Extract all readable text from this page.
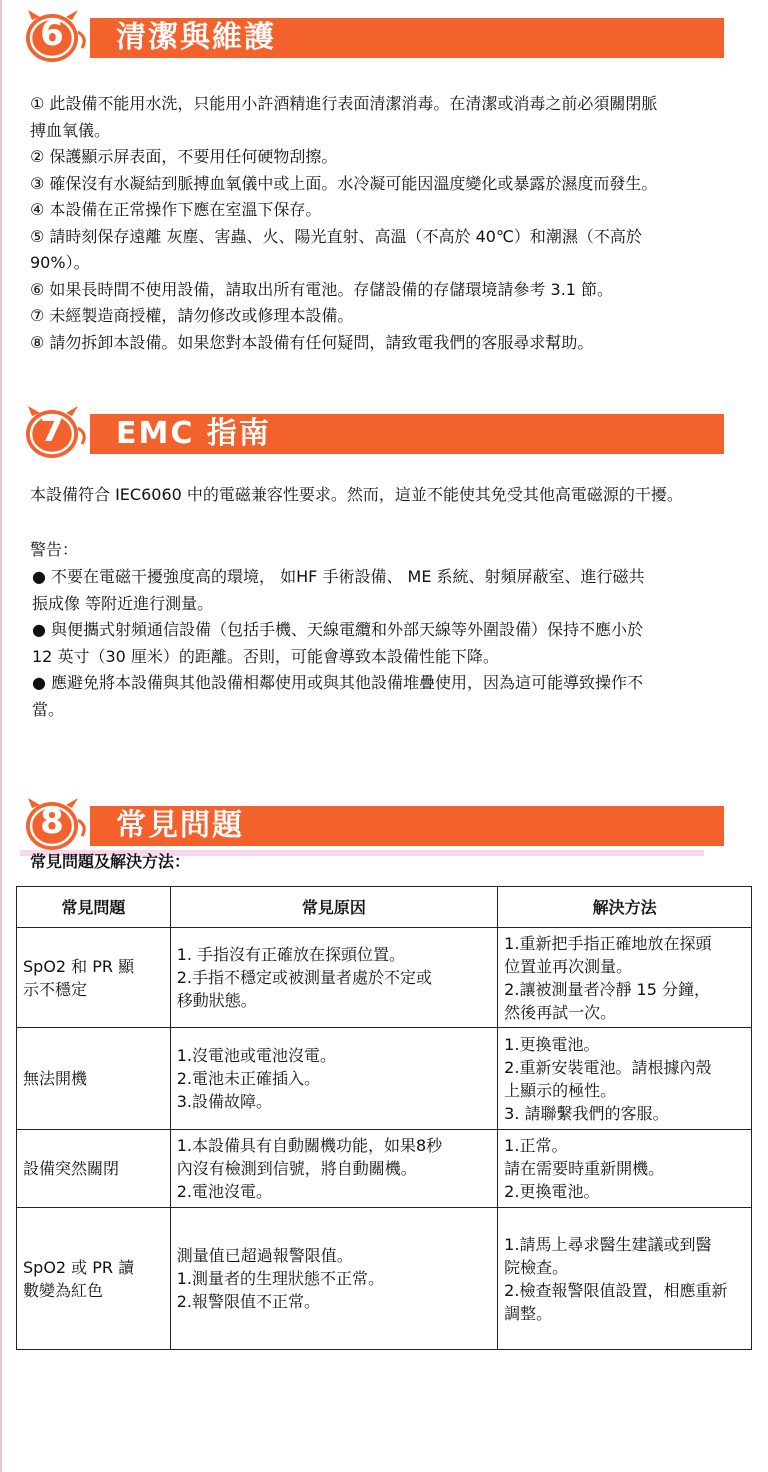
6	清潔與維護

① 此設備不能用水洗，只能用小許酒精進行表面清潔消毒。在清潔或消毒之前必須關閉脈
搏血氧儀。

② 保護顯示屏表面，不要用任何硬物刮擦。

③ 確保沒有水凝結到脈搏血氧儀中或上面。水冷凝可能因溫度變化或暴露於濕度而發生。

④ 本設備在正常操作下應在室溫下保存。

⑤ 請時刻保存遠離 灰塵、害蟲、火、陽光直射、高溫（不高於 40℃）和潮濕（不高於
90%）。

⑥ 如果長時間不使用設備，請取出所有電池。存儲設備的存儲環境請參考 3.1 節。

⑦ 未經製造商授權，請勿修改或修理本設備。

⑧ 請勿拆卸本設備。如果您對本設備有任何疑問，請致電我們的客服尋求幫助。

7	EMC 指南
本設備符合 IEC6060 中的電磁兼容性要求。然而，這並不能使其免受其他高電磁源的干擾。
警告：

● 不要在電磁干擾強度高的環境， 如HF 手術設備、 ME 系統、射頻屏蔽室、進行磁共
振成像 等附近進行測量。

● 與便攜式射頻通信設備（包括手機、天線電纜和外部天線等外圍設備）保持不應小於
12 英寸（30 厘米）的距離。否則，可能會導致本設備性能下降。

● 應避免將本設備與其他設備相鄰使用或與其他設備堆疊使用，因為這可能導致操作不
當。

8	常見問題
常見問題及解決方法：
常見問題	常見原因	解決方法

SpO2 和 PR 顯
示不穩定	1. 手指沒有正確放在探頭位置。
2.手指不穩定或被測量者處於不定或
移動狀態。	1.重新把手指正確地放在探頭
位置並再次測量。
2.讓被測量者冷靜 15 分鐘，
然後再試一次。

無法開機	1.沒電池或電池沒電。
2.電池未正確插入。
3.設備故障。	1.更換電池。
2.重新安裝電池。請根據內殼
上顯示的極性。
3. 請聯繫我們的客服。

設備突然關閉	1.本設備具有自動關機功能，如果8秒
內沒有檢測到信號，將自動關機。
2.電池沒電。	1.正常。
請在需要時重新開機。
2.更換電池。

SpO2 或 PR 讀
數變為紅色	測量值已超過報警限值。
1.測量者的生理狀態不正常。
2.報警限值不正常。	1.請馬上尋求醫生建議或到醫
院檢查。
2.檢查報警限值設置，相應重新
調整。
